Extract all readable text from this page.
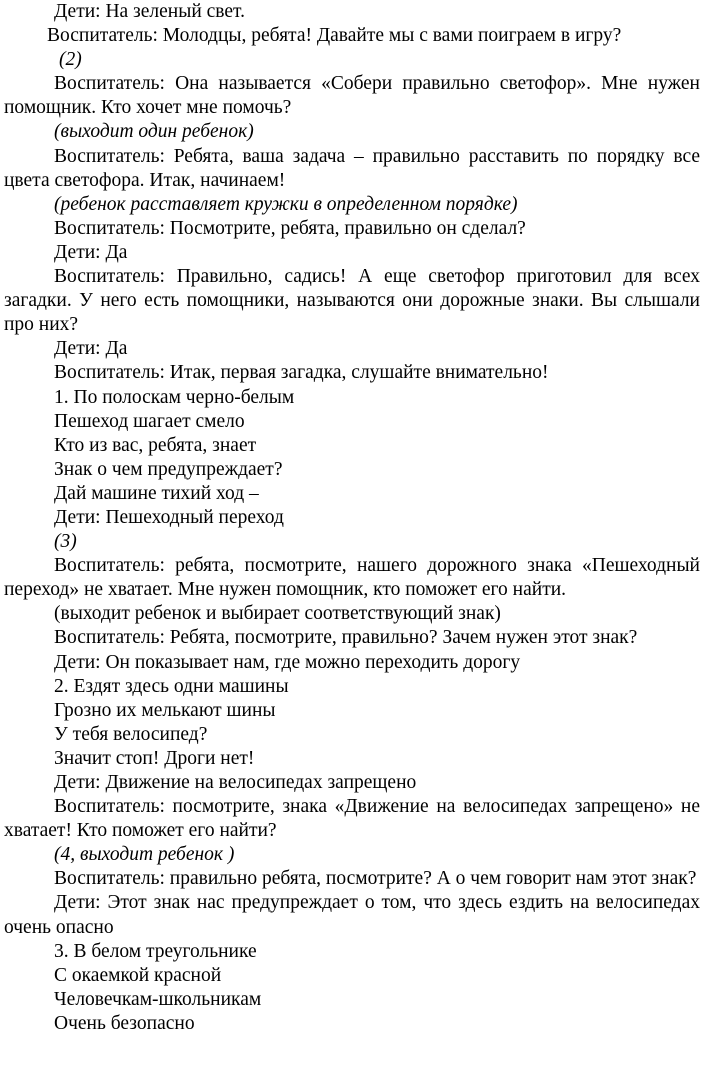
Дети: На зеленый свет.

Воспитатель: Молодцы, ребята! Давайте мы с вами поиграем в игру?

(2)

Воспитатель: Она называется «Собери правильно светофор». Мне нужен помощник. Кто хочет мне помочь?

(выходит один ребенок)

Воспитатель: Ребята, ваша задача – правильно расставить по порядку все цвета светофора. Итак, начинаем!

(ребенок расставляет кружки в определенном порядке)

Воспитатель: Посмотрите, ребята, правильно он сделал?

Дети: Да

Воспитатель: Правильно, садись! А еще светофор приготовил для всех загадки. У него есть помощники, называются они дорожные знаки. Вы слышали про них?

Дети: Да

Воспитатель: Итак, первая загадка, слушайте внимательно!

1. По полоскам черно-белым

Пешеход шагает смело

Кто из вас, ребята, знает

Знак о чем предупреждает?

Дай машине тихий ход –

Дети: Пешеходный переход

(3)

Воспитатель: ребята, посмотрите, нашего дорожного знака «Пешеходный переход» не хватает. Мне нужен помощник, кто поможет его найти.

(выходит ребенок и выбирает соответствующий знак)

Воспитатель: Ребята, посмотрите, правильно? Зачем нужен этот знак?

Дети: Он показывает нам, где можно переходить дорогу

2. Ездят здесь одни машины

Грозно их мелькают шины

У тебя велосипед?

Значит стоп! Дроги нет!

Дети: Движение на велосипедах запрещено

Воспитатель: посмотрите, знака «Движение на велосипедах запрещено» не хватает! Кто поможет его найти?

(4, выходит ребенок )

Воспитатель: правильно ребята, посмотрите? А о чем говорит нам этот знак?

Дети: Этот знак нас предупреждает о том, что здесь ездить на велосипедах очень опасно

3. В белом треугольнике

С окаемкой красной

Человечкам-школьникам

Очень безопасно
